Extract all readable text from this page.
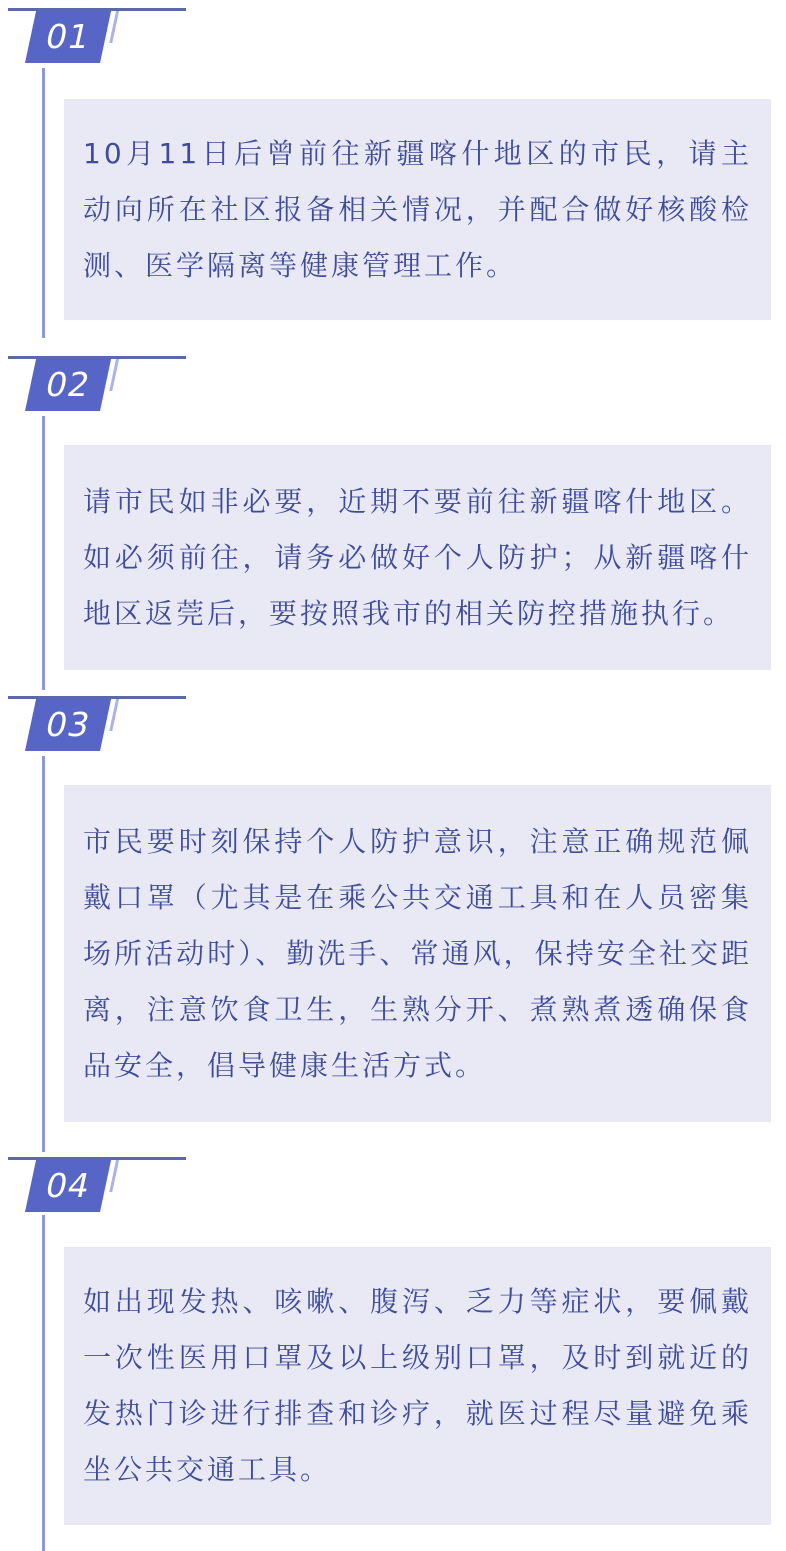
01

10月11日后曾前往新疆喀什地区的市民，请主动向所在社区报备相关情况，并配合做好核酸检测、医学隔离等健康管理工作。

02

请市民如非必要，近期不要前往新疆喀什地区。如必须前往，请务必做好个人防护；从新疆喀什地区返莞后，要按照我市的相关防控措施执行。

03

市民要时刻保持个人防护意识，注意正确规范佩戴口罩（尤其是在乘公共交通工具和在人员密集场所活动时）、勤洗手、常通风，保持安全社交距离，注意饮食卫生，生熟分开、煮熟煮透确保食品安全，倡导健康生活方式。

04

如出现发热、咳嗽、腹泻、乏力等症状，要佩戴一次性医用口罩及以上级别口罩，及时到就近的发热门诊进行排查和诊疗，就医过程尽量避免乘坐公共交通工具。
